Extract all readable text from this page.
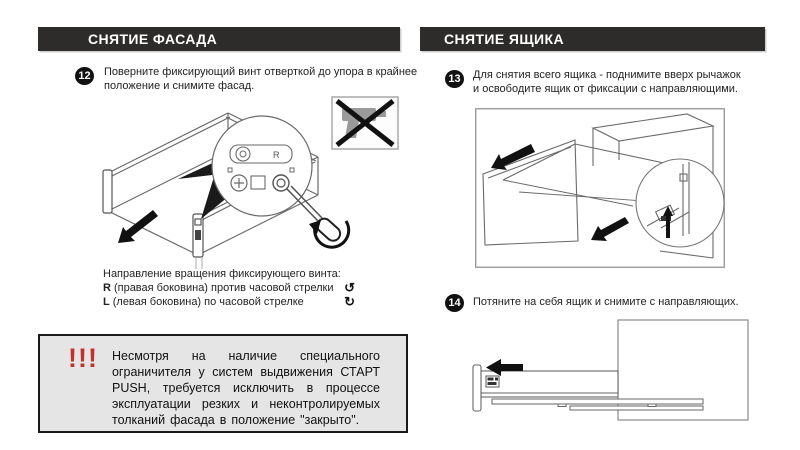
СНЯТИЕ ФАСАДА
12	Поверните фиксирующий винт отверткой до упора в крайнее положение и снимите фасад.

R
Направление вращения фиксирующего винта:
R (правая боковина) против часовой стрелки ↺
L (левая боковина) по часовой стрелке	↻
!!! Несмотря на наличие специального ограничителя у систем выдвижения СТАРТ PUSH, требуется исключить в процессе эксплуатации резких и неконтролируемых толканий фасада в положение "закрыто".

СНЯТИЕ ЯЩИКА
13	Для снятия всего ящика - поднимите вверх рычажок и освободите ящик от фиксации с направляющими.

14	Потяните на себя ящик и снимите с направляющих.
